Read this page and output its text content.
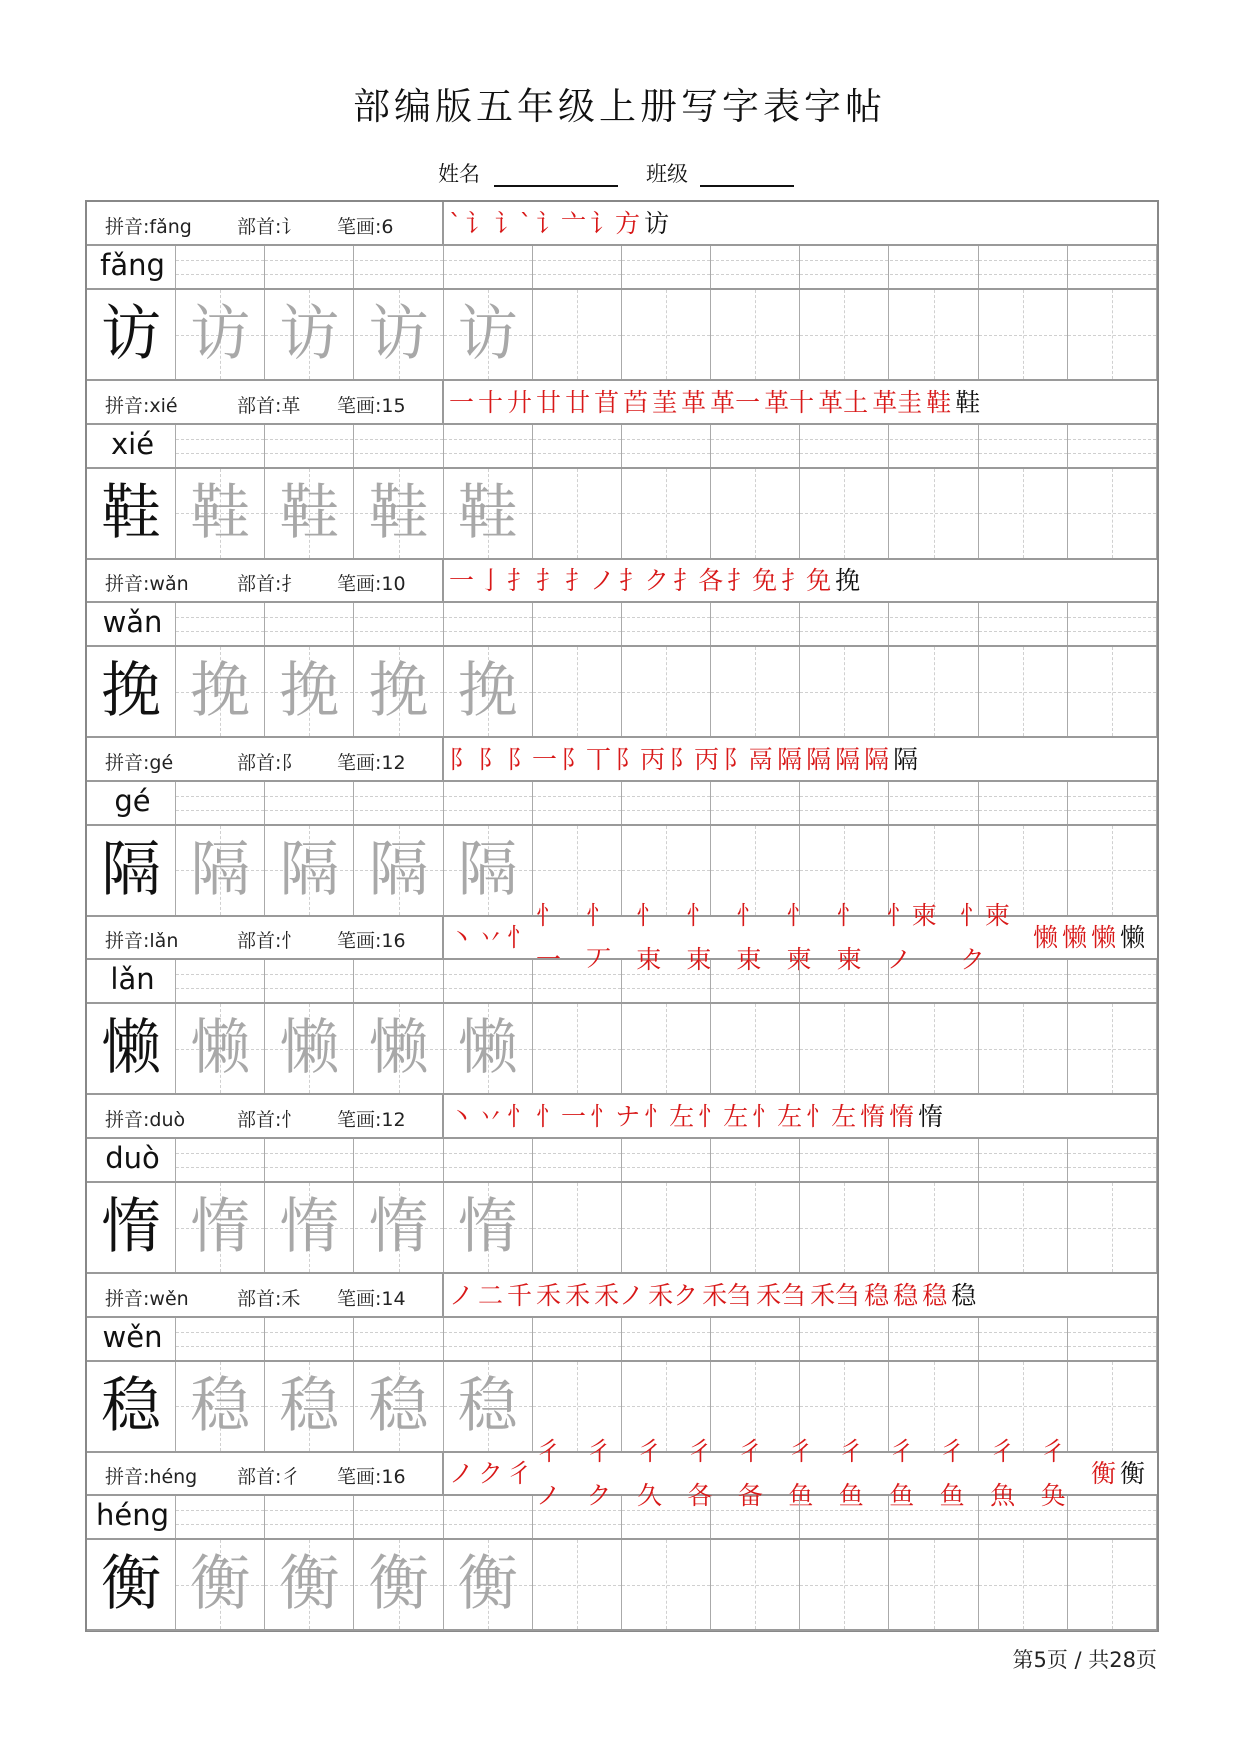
部编版五年级上册写字表字帖
姓名	班级
拼音:fǎng 部首:讠 笔画:6 ` 讠 讠` 讠亠 讠方 访
fǎng
访 访 访 访 访
拼音:xié	部首:革 笔画:15 一 十 廾 廿 廿 苜 苩 茥 革 革一 革十 革土 革圭 鞋 鞋
xié
鞋 鞋 鞋 鞋 鞋
拼音:wǎn	部首:扌 笔画:10 一 亅 扌 扌 扌ノ 扌ク 扌各 扌免 扌免 挽
wǎn
挽 挽 挽 挽 挽
拼音:gé	部首:阝 笔画:12 阝 阝 阝一 阝丅 阝丙 阝丙 阝鬲 隔 隔 隔 隔 隔
gé
隔 隔 隔 隔 隔
拼音:lǎn	部首:忄 笔画:16 丶 丷 忄
忄一
忄丆
忄束
忄束
忄束
忄柬
忄柬
忄柬ノ
忄柬ク
懒 懒 懒 懒
lǎn
懒 懒 懒 懒 懒
拼音:duò	部首:忄 笔画:12 丶 丷 忄 忄一 忄ナ 忄左 忄左 忄左 忄左 惰 惰 惰
duò
惰 惰 惰 惰 惰
拼音:wěn	部首:禾 笔画:14 ノ 二 千 禾 禾 禾ノ 禾ク 禾刍 禾刍 禾刍 稳 稳 稳 稳
wěn
稳 稳 稳 稳 稳
拼音:héng 部首:彳 笔画:16 ノ ク 彳
彳ノ
彳ク
彳久
彳各
彳备
彳鱼
彳鱼
彳鱼
彳鱼
彳魚
彳奂
衡 衡
héng
衡 衡 衡 衡 衡
第5页 / 共28页
